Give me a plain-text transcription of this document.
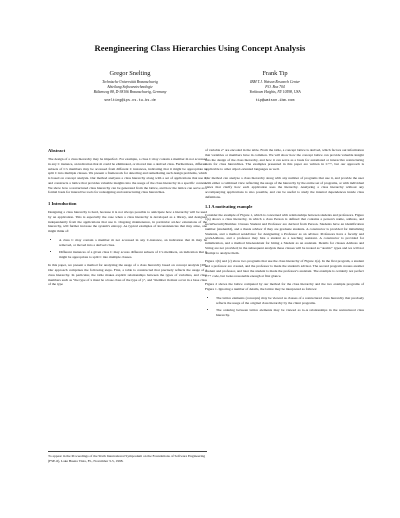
Reengineering Class Hierarchies Using Concept Analysis
Gregor Snelting
Technische Universität Braunschweig
Abteilung Softwaretechnologie
Bültenweg 88, D-38106 Braunschweig, Germany
snelting@ips.cs.tu-bs.de
Frank Tip
IBM T.J. Watson Research Center
P.O. Box 704
Yorktown Heights, NY 10598, USA
tip@watson.ibm.com
Abstract

The design of a class hierarchy may be imperfect. For example, a class C may contain a member m not accessed in any C instance, an indication that m could be eliminated, or moved into a derived class. Furthermore, different subsets of C's members may be accessed from different C instances, indicating that it might be appropriate to split C into multiple classes. We present a framework for detecting and remediating such design problems, which is based on concept analysis. Our method analyzes a class hierarchy along with a set of applications that use it, and constructs a lattice that provides valuable insights into the usage of the class hierarchy in a specific context. We show how a restructured class hierarchy can be generated from the lattice, and how the lattice can serve as a formal basis for interactive tools for redesigning and restructuring class hierarchies.

1 Introduction

Designing a class hierarchy is hard, because it is not always possible to anticipate how a hierarchy will be used by an application. This is especially the case when a class hierarchy is developed as a library, and designed independently from the applications that use it. Ongoing maintenance, in particular ad-hoc extensions of the hierarchy, will further increase the system's entropy. As typical examples of inconsistencies that may arise, one might think of:

• A class C may contain a member m not accessed in any C-instance, an indication that m may be removed, or moved into a derived class.
• Different instances of a given class C may access different subsets of C's members, an indication that it might be appropriate to split C into multiple classes.

In this paper, we present a method for analyzing the usage of a class hierarchy based on concept analysis [28]. Our approach comprises the following steps. First, a table is constructed that precisely reflects the usage of a class hierarchy. In particular, the table makes explicit relationships between the types of variables, and class members such as "the type of x must be a base class of the type of y", and "member m must occur in a base class of the type

To appear in the Proceedings of the Sixth International Symposium on the Foundations of Software Engineering (FSE-6), Lake Buena Vista, FL, November 3-5, 1998.

of variable z" are encoded in the table. From the table, a concept lattice is derived, which factors out information that variables or members have in common. We will show how the concept lattice can provide valuable insight into the design of the class hierarchy, and how it can serve as a basis for automated or interactive restructuring tools for class hierarchies. The examples presented in this paper are written in C++, but our approach is applicable to other object-oriented languages as well.

Our method can analyze a class hierarchy along with any number of programs that use it, and provide the user with either a combined view reflecting the usage of the hierarchy by the entire set of programs, or with individual views that clarify how each application uses the hierarchy. Analyzing a class hierarchy without any accompanying applications is also possible, and can be useful to study the internal dependences inside class definitions.

1.1 A motivating example

Consider the example of Figure 1, which is concerned with relationships between students and professors. Figure 1(a) shows a class hierarchy, in which a class Person is defined that contains a person's name, address, and socialSecurityNumber. Classes Student and Professor are derived from Person. Students have an identification number (studentId), and a thesis advisor if they are graduate students. A constructor is provided for initializing Students, and a method setAdvisor for designating a Professor as an advisor. Professors have a faculty and workAddress, and a professor may hire a student as a teaching assistant. A constructor is provided for initialization, and a method hireAssistant for hiring a Student as an assistant. Details for classes Address and String are not provided; in the subsequent analysis these classes will be treated as "atomic" types and we will not attempt to analyze them.

Figure 1(b) and (c) show two programs that use the class hierarchy of Figure 1(a). In the first program, a student and a professor are created, and the professor is made the student's advisor. The second program creates another student and professor, and later the student is made the professor's assistant. The example is certainly not perfect C++ code, but looks reasonable enough at first glance.

Figure 2 shows the lattice computed by our method for the class hierarchy and the two example programs of Figure 1. Ignoring a number of details, the lattice may be interpreted as follows:

• The lattice elements (concepts) may be viewed as classes of a restructured class hierarchy that precisely reflects the usage of the original class hierarchy by the client programs.
• The ordering between lattice elements may be viewed as is-A relationships in the restructured class hierarchy.
